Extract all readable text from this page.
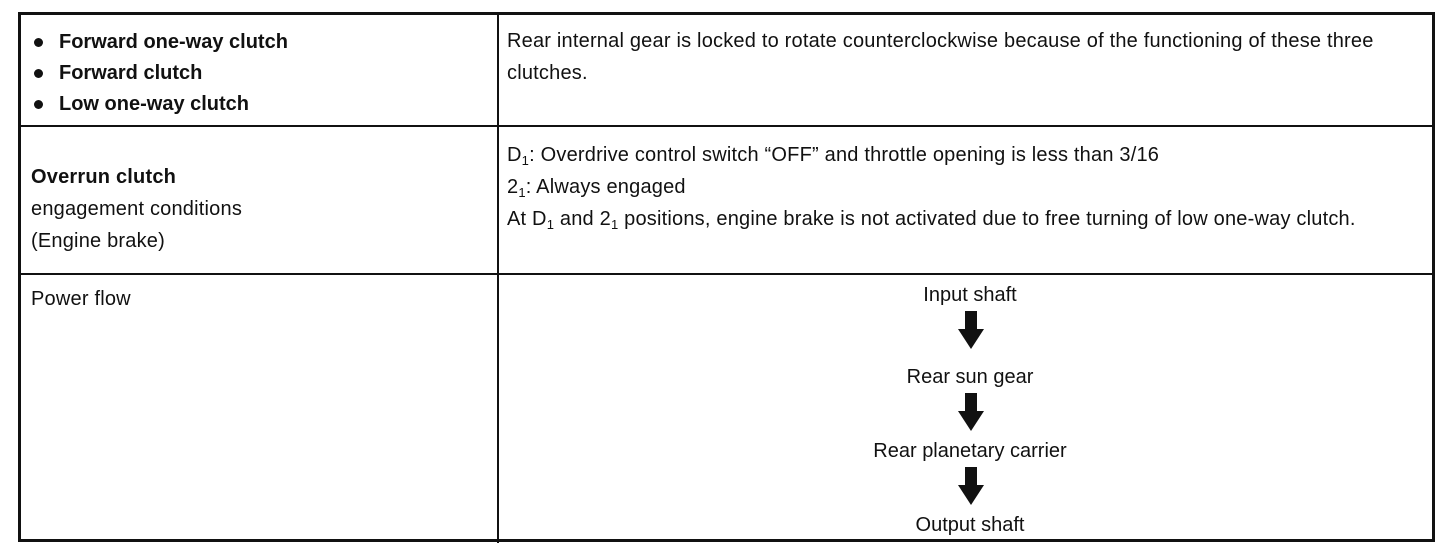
Forward one-way clutch
Forward clutch
Low one-way clutch
Rear internal gear is locked to rotate counterclockwise because of the functioning of these three clutches.
Overrun clutch
engagement conditions
(Engine brake)
$D_1$: Overdrive control switch “OFF” and throttle opening is less than 3/16
$2_1$: Always engaged
At $D_1$ and $2_1$ positions, engine brake is not activated due to free turning of low one-way clutch.
Power flow	Input shaft
Rear sun gear
Rear planetary carrier
Output shaft
